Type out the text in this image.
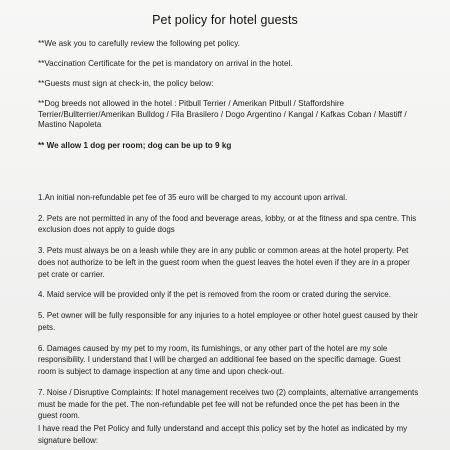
Pet policy for hotel guests

**We ask you to carefully review the following pet policy.

**Vaccination Certificate for the pet is mandatory on arrival in the hotel.

**Guests must sign at check-in, the policy below:

**Dog breeds not allowed in the hotel : Pitbull Terrier / Amerikan Pitbull / Staffordshire Terrier/Bullterrier/Amerikan Bulldog / Fila Brasilero / Dogo Argentino / Kangal / Kafkas Coban / Mastiff / Mastino Napoleta

** We allow 1 dog per room; dog can be up to 9 kg

1.An initial non-refundable pet fee of 35 euro will be charged to my account upon arrival.

2. Pets are not permitted in any of the food and beverage areas, lobby, or at the fitness and spa centre. This exclusion does not apply to guide dogs

3. Pets must always be on a leash while they are in any public or common areas at the hotel property. Pet does not authorize to be left in the guest room when the guest leaves the hotel even if they are in a proper pet crate or carrier.

4. Maid service will be provided only if the pet is removed from the room or crated during the service.

5. Pet owner will be fully responsible for any injuries to a hotel employee or other hotel guest caused by their pets.

6. Damages caused by my pet to my room, its furnishings, or any other part of the hotel are my sole responsibility. I understand that I will be charged an additional fee based on the specific damage. Guest room is subject to damage inspection at any time and upon check-out.

7. Noise / Disruptive Complaints: If hotel management receives two (2) complaints, alternative arrangements must be made for the pet. The non-refundable pet fee will not be refunded once the pet has been in the guest room.

I have read the Pet Policy and fully understand and accept this policy set by the hotel as indicated by my signature bellow:
